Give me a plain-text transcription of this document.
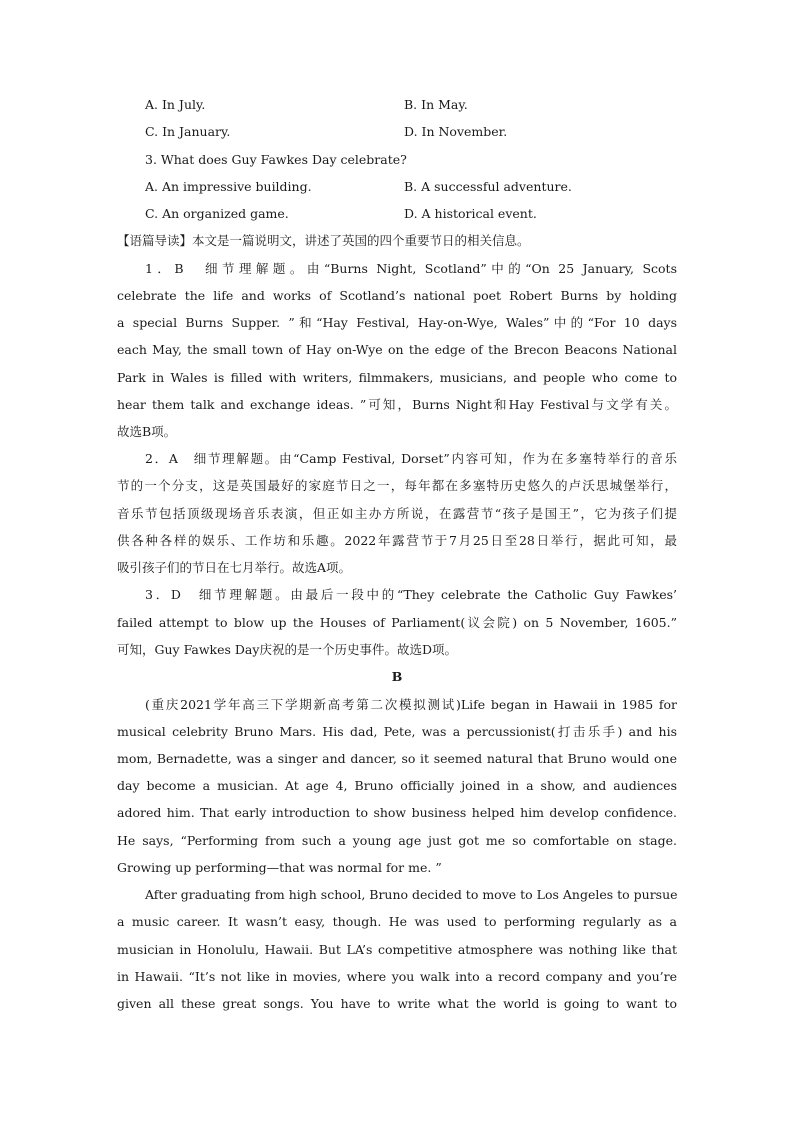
A. In July.	B. In May.
C. In January.	D. In November.
3. What does Guy Fawkes Day celebrate?
A. An impressive building.	B. A successful adventure.
C. An organized game.	D. A historical event.
【语篇导读】本文是一篇说明文，讲述了英国的四个重要节日的相关信息。
1．B　细节理解题。由“Burns Night, Scotland”中的“On 25 January, Scots
celebrate the life and works of Scotland’s national poet Robert Burns by holding
a special Burns Supper. ”和“Hay Festival, Hay-on-Wye, Wales”中的“For 10 days
each May, the small town of Hay on-Wye on the edge of the Brecon Beacons National
Park in Wales is filled with writers, filmmakers, musicians, and people who come to
hear them talk and exchange ideas. ”可知，Burns Night和Hay Festival与文学有关。
故选B项。
2．A　细节理解题。由“Camp Festival, Dorset”内容可知，作为在多塞特举行的音乐
节的一个分支，这是英国最好的家庭节日之一，每年都在多塞特历史悠久的卢沃思城堡举行，
音乐节包括顶级现场音乐表演，但正如主办方所说，在露营节“孩子是国王”，它为孩子们提
供各种各样的娱乐、工作坊和乐趣。2022年露营节于7月25日至28日举行，据此可知，最
吸引孩子们的节日在七月举行。故选A项。
3．D　细节理解题。由最后一段中的“They celebrate the Catholic Guy Fawkes’
failed attempt to blow up the Houses of Parliament(议会院) on 5 November, 1605.”
可知，Guy Fawkes Day庆祝的是一个历史事件。故选D项。
B
(重庆2021学年高三下学期新高考第二次模拟测试)Life began in Hawaii in 1985 for
musical celebrity Bruno Mars. His dad, Pete, was a percussionist(打击乐手) and his
mom, Bernadette, was a singer and dancer, so it seemed natural that Bruno would one
day become a musician. At age 4, Bruno officially joined in a show, and audiences
adored him. That early introduction to show business helped him develop confidence.
He says, “Performing from such a young age just got me so comfortable on stage.
Growing up performing—that was normal for me. ”
After graduating from high school, Bruno decided to move to Los Angeles to pursue
a music career. It wasn’t easy, though. He was used to performing regularly as a
musician in Honolulu, Hawaii. But LA’s competitive atmosphere was nothing like that
in Hawaii. “It’s not like in movies, where you walk into a record company and you’re
given all these great songs. You have to write what the world is going to want to
